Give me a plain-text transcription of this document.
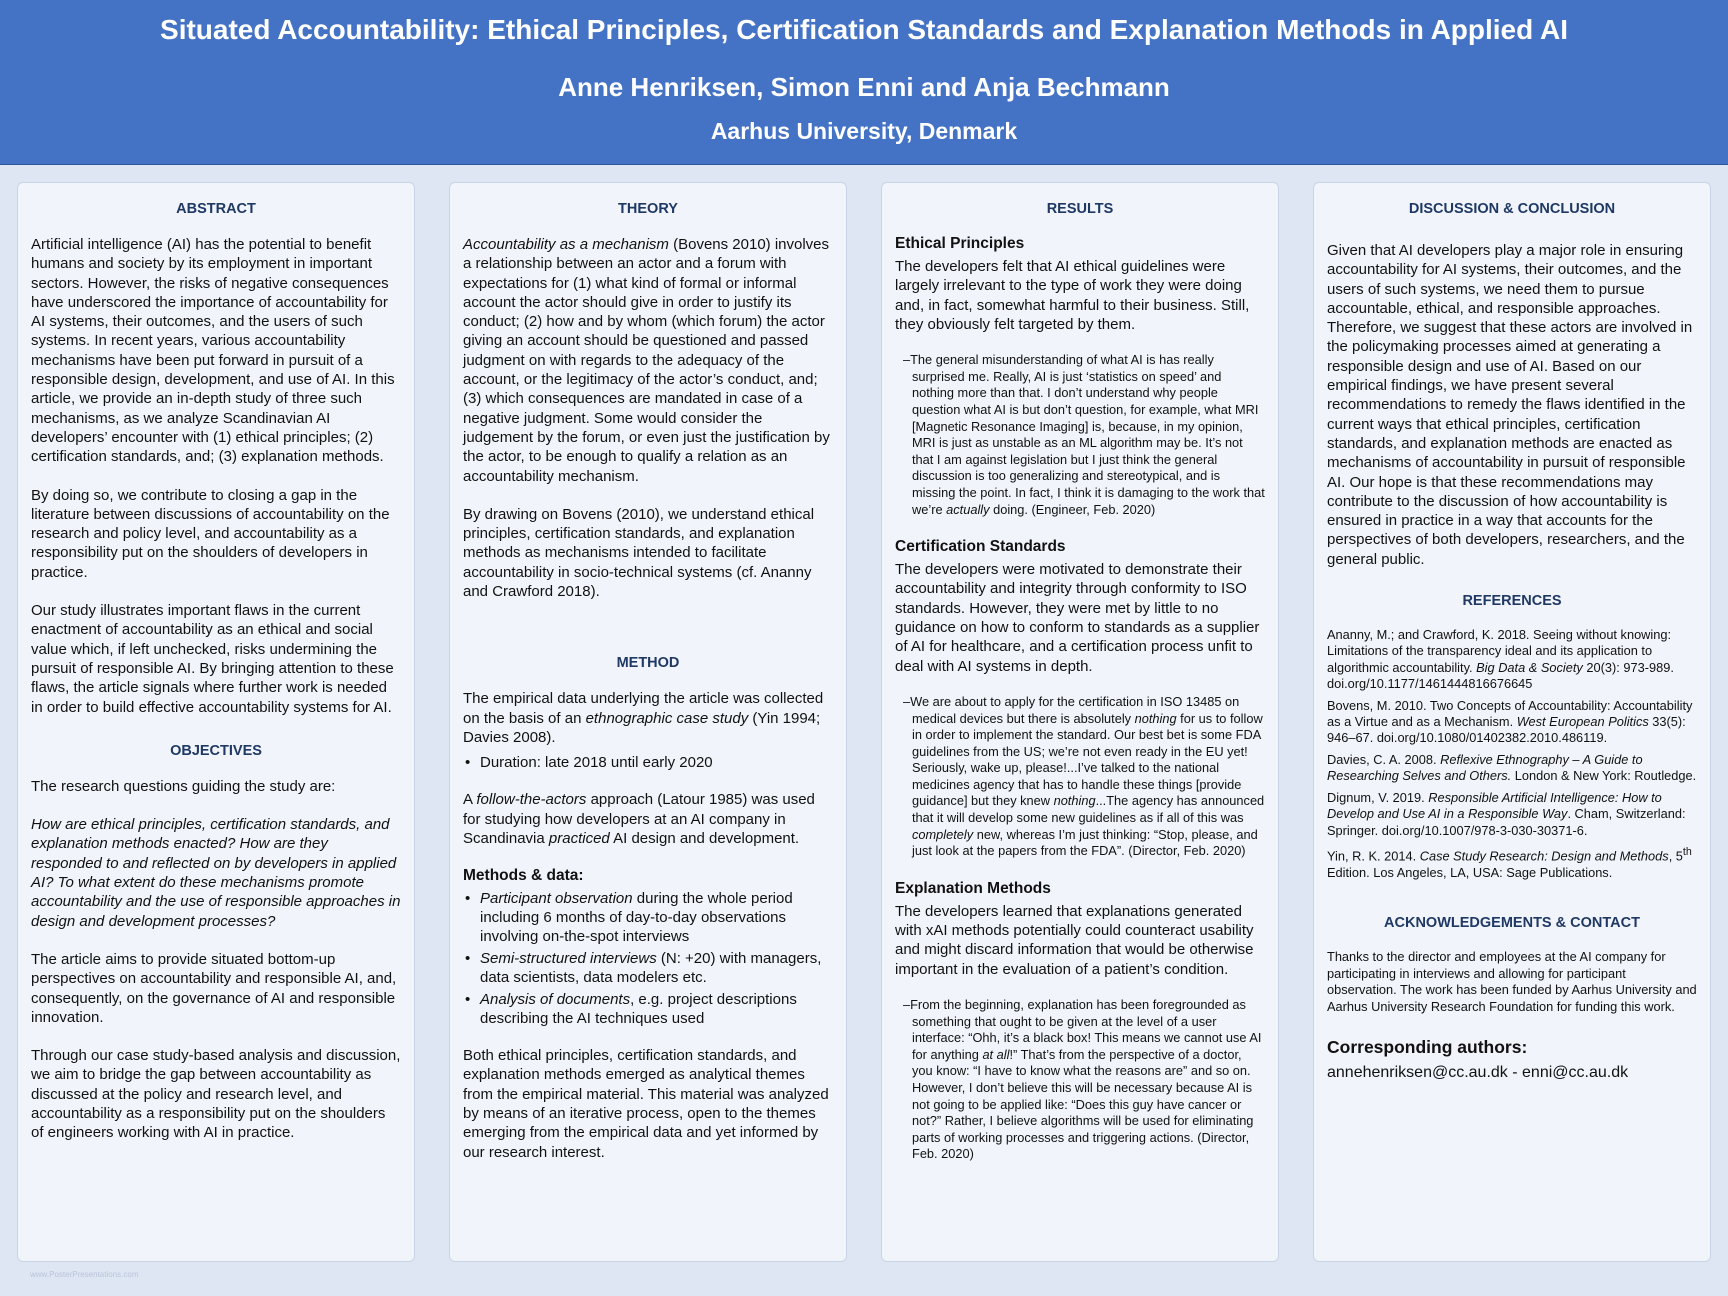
Situated Accountability: Ethical Principles, Certification Standards and Explanation Methods in Applied AI
Anne Henriksen, Simon Enni and Anja Bechmann
Aarhus University, Denmark
ABSTRACT

Artificial intelligence (AI) has the potential to benefit humans and society by its employment in important sectors. However, the risks of negative consequences have underscored the importance of accountability for AI systems, their outcomes, and the users of such systems. In recent years, various accountability mechanisms have been put forward in pursuit of a responsible design, development, and use of AI. In this article, we provide an in-depth study of three such mechanisms, as we analyze Scandinavian AI developers’ encounter with (1) ethical principles; (2) certification standards, and; (3) explanation methods.

By doing so, we contribute to closing a gap in the literature between discussions of accountability on the research and policy level, and accountability as a responsibility put on the shoulders of developers in practice.

Our study illustrates important flaws in the current enactment of accountability as an ethical and social value which, if left unchecked, risks undermining the pursuit of responsible AI. By bringing attention to these flaws, the article signals where further work is needed in order to build effective accountability systems for AI.

OBJECTIVES

The research questions guiding the study are:

How are ethical principles, certification standards, and explanation methods enacted? How are they responded to and reflected on by developers in applied AI? To what extent do these mechanisms promote accountability and the use of responsible approaches in design and development processes?

The article aims to provide situated bottom-up perspectives on accountability and responsible AI, and, consequently, on the governance of AI and responsible innovation.

Through our case study-based analysis and discussion, we aim to bridge the gap between accountability as discussed at the policy and research level, and accountability as a responsibility put on the shoulders of engineers working with AI in practice.

THEORY

Accountability as a mechanism (Bovens 2010) involves a relationship between an actor and a forum with expectations for (1) what kind of formal or informal account the actor should give in order to justify its conduct; (2) how and by whom (which forum) the actor giving an account should be questioned and passed judgment on with regards to the adequacy of the account, or the legitimacy of the actor’s conduct, and; (3) which consequences are mandated in case of a negative judgment. Some would consider the judgement by the forum, or even just the justification by the actor, to be enough to qualify a relation as an accountability mechanism.

By drawing on Bovens (2010), we understand ethical principles, certification standards, and explanation methods as mechanisms intended to facilitate accountability in socio-technical systems (cf. Ananny and Crawford 2018).

METHOD

The empirical data underlying the article was collected on the basis of an ethnographic case study (Yin 1994; Davies 2008).

• Duration: late 2018 until early 2020

A follow-the-actors approach (Latour 1985) was used for studying how developers at an AI company in Scandinavia practiced AI design and development.

Methods & data:
• Participant observation during the whole period including 6 months of day-to-day observations involving on-the-spot interviews
• Semi-structured interviews (N: +20) with managers, data scientists, data modelers etc.
• Analysis of documents, e.g. project descriptions describing the AI techniques used

Both ethical principles, certification standards, and explanation methods emerged as analytical themes from the empirical material. This material was analyzed by means of an iterative process, open to the themes emerging from the empirical data and yet informed by our research interest.

RESULTS
Ethical Principles

The developers felt that AI ethical guidelines were largely irrelevant to the type of work they were doing and, in fact, somewhat harmful to their business. Still, they obviously felt targeted by them.

–The general misunderstanding of what AI is has really surprised me. Really, AI is just ‘statistics on speed’ and nothing more than that. I don’t understand why people question what AI is but don’t question, for example, what MRI [Magnetic Resonance Imaging] is, because, in my opinion, MRI is just as unstable as an ML algorithm may be. It’s not that I am against legislation but I just think the general discussion is too generalizing and stereotypical, and is missing the point. In fact, I think it is damaging to the work that we’re actually doing. (Engineer, Feb. 2020)

Certification Standards

The developers were motivated to demonstrate their accountability and integrity through conformity to ISO standards. However, they were met by little to no guidance on how to conform to standards as a supplier of AI for healthcare, and a certification process unfit to deal with AI systems in depth.

–We are about to apply for the certification in ISO 13485 on medical devices but there is absolutely nothing for us to follow in order to implement the standard. Our best bet is some FDA guidelines from the US; we’re not even ready in the EU yet! Seriously, wake up, please!...I’ve talked to the national medicines agency that has to handle these things [provide guidance] but they knew nothing...The agency has announced that it will develop some new guidelines as if all of this was completely new, whereas I’m just thinking: “Stop, please, and just look at the papers from the FDA”. (Director, Feb. 2020)

Explanation Methods

The developers learned that explanations generated with xAI methods potentially could counteract usability and might discard information that would be otherwise important in the evaluation of a patient’s condition.

–From the beginning, explanation has been foregrounded as something that ought to be given at the level of a user interface: “Ohh, it’s a black box! This means we cannot use AI for anything at all!” That’s from the perspective of a doctor, you know: “I have to know what the reasons are” and so on. However, I don’t believe this will be necessary because AI is not going to be applied like: “Does this guy have cancer or not?” Rather, I believe algorithms will be used for eliminating parts of working processes and triggering actions. (Director, Feb. 2020)

DISCUSSION & CONCLUSION

Given that AI developers play a major role in ensuring accountability for AI systems, their outcomes, and the users of such systems, we need them to pursue accountable, ethical, and responsible approaches. Therefore, we suggest that these actors are involved in the policymaking processes aimed at generating a responsible design and use of AI. Based on our empirical findings, we have present several recommendations to remedy the flaws identified in the current ways that ethical principles, certification standards, and explanation methods are enacted as mechanisms of accountability in pursuit of responsible AI. Our hope is that these recommendations may contribute to the discussion of how accountability is ensured in practice in a way that accounts for the perspectives of both developers, researchers, and the general public.

REFERENCES

Ananny, M.; and Crawford, K. 2018. Seeing without knowing: Limitations of the transparency ideal and its application to algorithmic accountability. Big Data & Society 20(3): 973-989. doi.org/10.1177/1461444816676645

Bovens, M. 2010. Two Concepts of Accountability: Accountability as a Virtue and as a Mechanism. West European Politics 33(5): 946–67. doi.org/10.1080/01402382.2010.486119.

Davies, C. A. 2008. Reflexive Ethnography – A Guide to Researching Selves and Others. London & New York: Routledge.

Dignum, V. 2019. Responsible Artificial Intelligence: How to Develop and Use AI in a Responsible Way. Cham, Switzerland: Springer. doi.org/10.1007/978-3-030-30371-6.

Yin, R. K. 2014. Case Study Research: Design and Methods, 5th Edition. Los Angeles, LA, USA: Sage Publications.

ACKNOWLEDGEMENTS & CONTACT

Thanks to the director and employees at the AI company for participating in interviews and allowing for participant observation. The work has been funded by Aarhus University and Aarhus University Research Foundation for funding this work.

Corresponding authors:

annehenriksen@cc.au.dk - enni@cc.au.dk

www.PosterPresentations.com
